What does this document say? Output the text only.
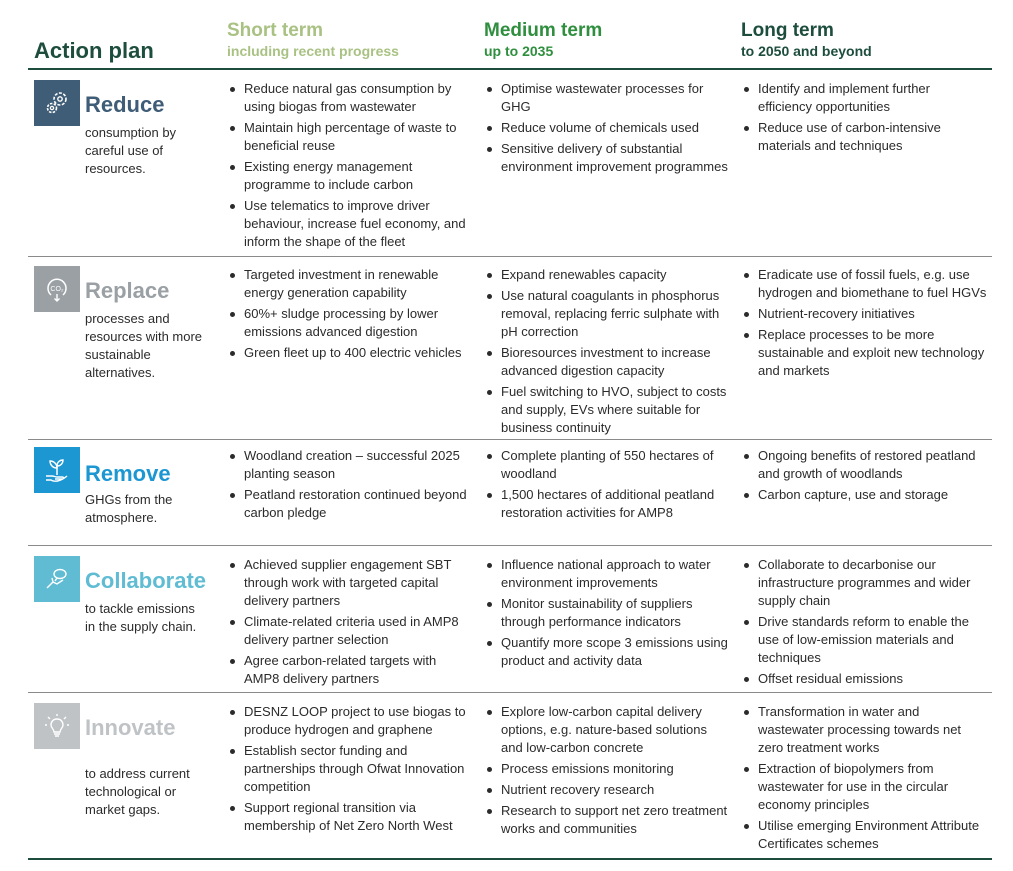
Action plan
Short term
including recent progress
Medium term
up to 2035
Long term
to 2050 and beyond
Reduce
consumption by careful use of resources.
Reduce natural gas consumption by using biogas from wastewater
Maintain high percentage of waste to beneficial reuse
Existing energy management programme to include carbon
Use telematics to improve driver behaviour, increase fuel economy, and inform the shape of the fleet
Optimise wastewater processes for GHG
Reduce volume of chemicals used
Sensitive delivery of substantial environment improvement programmes
Identify and implement further efficiency opportunities
Reduce use of carbon-intensive materials and techniques
CO₂ Replace
processes and resources with more sustainable alternatives.
Targeted investment in renewable energy generation capability
60%+ sludge processing by lower emissions advanced digestion
Green fleet up to 400 electric vehicles
Expand renewables capacity
Use natural coagulants in phosphorus removal, replacing ferric sulphate with pH correction
Bioresources investment to increase advanced digestion capacity
Fuel switching to HVO, subject to costs and supply, EVs where suitable for business continuity
Eradicate use of fossil fuels, e.g. use hydrogen and biomethane to fuel HGVs
Nutrient-recovery initiatives
Replace processes to be more sustainable and exploit new technology and markets
Remove
GHGs from the atmosphere.
Woodland creation – successful 2025 planting season
Peatland restoration continued beyond carbon pledge
Complete planting of 550 hectares of woodland
1,500 hectares of additional peatland restoration activities for AMP8
Ongoing benefits of restored peatland and growth of woodlands
Carbon capture, use and storage
Collaborate
to tackle emissions in the supply chain.
Achieved supplier engagement SBT through work with targeted capital delivery partners
Climate-related criteria used in AMP8 delivery partner selection
Agree carbon-related targets with AMP8 delivery partners
Influence national approach to water environment improvements
Monitor sustainability of suppliers through performance indicators
Quantify more scope 3 emissions using product and activity data
Collaborate to decarbonise our infrastructure programmes and wider supply chain
Drive standards reform to enable the use of low-emission materials and techniques
Offset residual emissions
Innovate
to address current technological or market gaps.
DESNZ LOOP project to use biogas to produce hydrogen and graphene
Establish sector funding and partnerships through Ofwat Innovation competition
Support regional transition via membership of Net Zero North West
Explore low-carbon capital delivery options, e.g. nature-based solutions and low-carbon concrete
Process emissions monitoring
Nutrient recovery research
Research to support net zero treatment works and communities
Transformation in water and wastewater processing towards net zero treatment works
Extraction of biopolymers from wastewater for use in the circular economy principles
Utilise emerging Environment Attribute Certificates schemes
